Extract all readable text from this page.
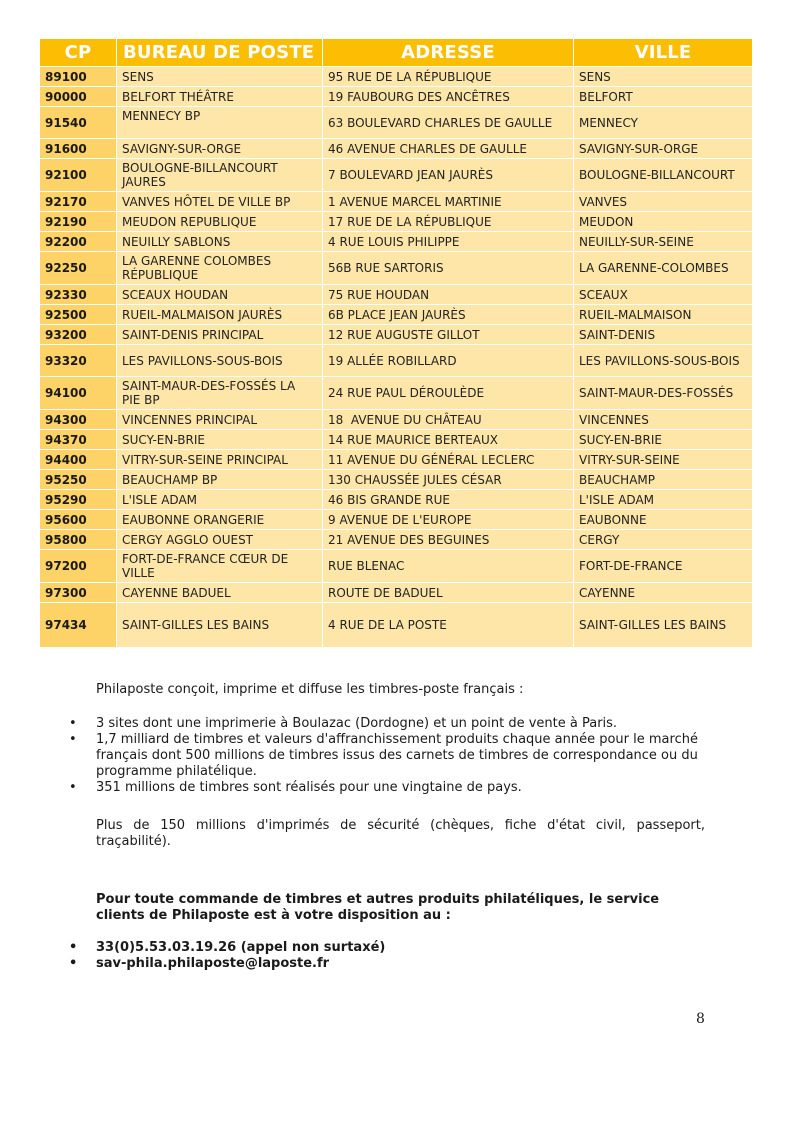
CP	BUREAU DE POSTE	ADRESSE	VILLE
89100	SENS	95 RUE DE LA RÉPUBLIQUE	SENS
90000	BELFORT THÉÂTRE	19 FAUBOURG DES ANCÊTRES	BELFORT
91540	MENNECY BP	63 BOULEVARD CHARLES DE GAULLE	MENNECY
91600	SAVIGNY-SUR-ORGE	46 AVENUE CHARLES DE GAULLE	SAVIGNY-SUR-ORGE
92100	BOULOGNE-BILLANCOURT JAURES	7 BOULEVARD JEAN JAURÈS	BOULOGNE-BILLANCOURT
92170	VANVES HÔTEL DE VILLE BP	1 AVENUE MARCEL MARTINIE	VANVES
92190	MEUDON REPUBLIQUE	17 RUE DE LA RÉPUBLIQUE	MEUDON
92200	NEUILLY SABLONS	4 RUE LOUIS PHILIPPE	NEUILLY-SUR-SEINE
92250	LA GARENNE COLOMBES RÉPUBLIQUE	56B RUE SARTORIS	LA GARENNE-COLOMBES
92330	SCEAUX HOUDAN	75 RUE HOUDAN	SCEAUX
92500	RUEIL-MALMAISON JAURÈS	6B PLACE JEAN JAURÈS	RUEIL-MALMAISON
93200	SAINT-DENIS PRINCIPAL	12 RUE AUGUSTE GILLOT	SAINT-DENIS
93320	LES PAVILLONS-SOUS-BOIS	19 ALLÉE ROBILLARD	LES PAVILLONS-SOUS-BOIS
94100	SAINT-MAUR-DES-FOSSÉS LA PIE BP	24 RUE PAUL DÉROULÈDE	SAINT-MAUR-DES-FOSSÉS
94300	VINCENNES PRINCIPAL	18  AVENUE DU CHÂTEAU	VINCENNES
94370	SUCY-EN-BRIE	14 RUE MAURICE BERTEAUX	SUCY-EN-BRIE
94400	VITRY-SUR-SEINE PRINCIPAL	11 AVENUE DU GÉNÉRAL LECLERC	VITRY-SUR-SEINE
95250	BEAUCHAMP BP	130 CHAUSSÉE JULES CÉSAR	BEAUCHAMP
95290	L'ISLE ADAM	46 BIS GRANDE RUE	L'ISLE ADAM
95600	EAUBONNE ORANGERIE	9 AVENUE DE L'EUROPE	EAUBONNE
95800	CERGY AGGLO OUEST	21 AVENUE DES BEGUINES	CERGY
97200	FORT-DE-FRANCE CŒUR DE VILLE	RUE BLENAC	FORT-DE-FRANCE
97300	CAYENNE BADUEL	ROUTE DE BADUEL	CAYENNE
97434	SAINT-GILLES LES BAINS	4 RUE DE LA POSTE	SAINT-GILLES LES BAINS
Philaposte conçoit, imprime et diffuse les timbres-poste français :
• 3 sites dont une imprimerie à Boulazac (Dordogne) et un point de vente à Paris.
• 1,7 milliard de timbres et valeurs d'affranchissement produits chaque année pour le marché français dont 500 millions de timbres issus des carnets de timbres de correspondance ou du programme philatélique.
• 351 millions de timbres sont réalisés pour une vingtaine de pays.
Plus de 150 millions d'imprimés de sécurité (chèques, fiche d'état civil, passeport, traçabilité).
Pour toute commande de timbres et autres produits philatéliques, le service clients de Philaposte est à votre disposition au :
• 33(0)5.53.03.19.26 (appel non surtaxé)
• sav-phila.philaposte@laposte.fr
8
